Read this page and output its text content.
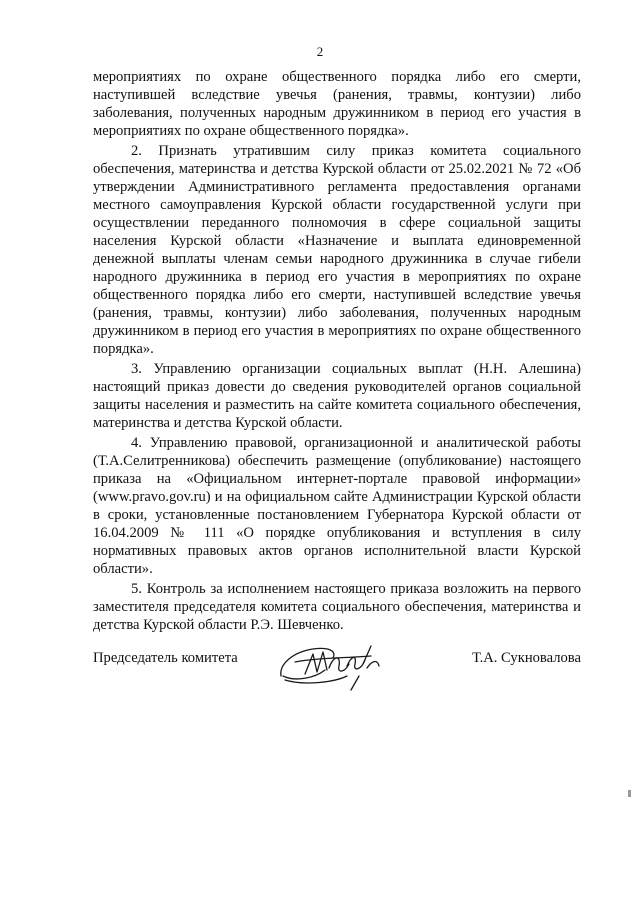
2

мероприятиях по охране общественного порядка либо его смерти, наступившей вследствие увечья (ранения, травмы, контузии) либо заболевания, полученных народным дружинником в период его участия в мероприятиях по охране общественного порядка».

2. Признать утратившим силу приказ комитета социального обеспечения, материнства и детства Курской области от 25.02.2021 № 72 «Об утверждении Административного регламента предоставления органами местного самоуправления Курской области государственной услуги при осуществлении переданного полномочия в сфере социальной защиты населения Курской области «Назначение и выплата единовременной денежной выплаты членам семьи народного дружинника в случае гибели народного дружинника в период его участия в мероприятиях по охране общественного порядка либо его смерти, наступившей вследствие увечья (ранения, травмы, контузии) либо заболевания, полученных народным дружинником в период его участия в мероприятиях по охране общественного порядка».

3. Управлению организации социальных выплат (Н.Н. Алешина) настоящий приказ довести до сведения руководителей органов социальной защиты населения и разместить на сайте комитета социального обеспечения, материнства и детства Курской области.

4. Управлению правовой, организационной и аналитической работы (Т.А.Селитренникова) обеспечить размещение (опубликование) настоящего приказа на «Официальном интернет-портале правовой информации» (www.pravo.gov.ru) и на официальном сайте Администрации Курской области в сроки, установленные постановлением Губернатора Курской области от 16.04.2009 № 111 «О порядке опубликования и вступления в силу нормативных правовых актов органов исполнительной власти Курской области».

5. Контроль за исполнением настоящего приказа возложить на первого заместителя председателя комитета социального обеспечения, материнства и детства Курской области Р.Э. Шевченко.

Председатель комитета	Т.А. Сукновалова
